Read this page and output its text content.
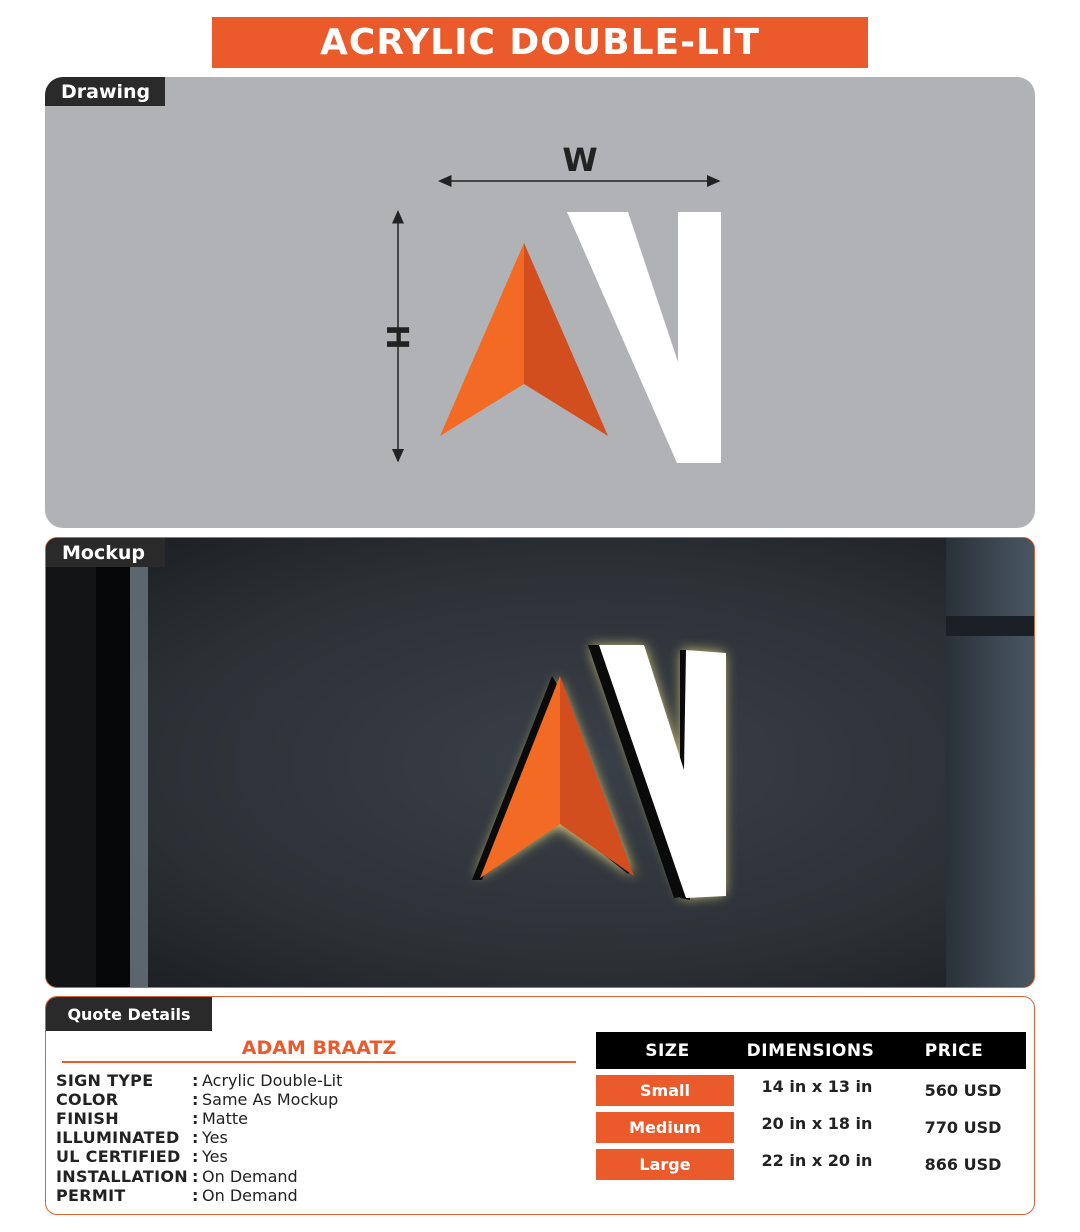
ACRYLIC DOUBLE-LIT
W
H
Drawing
Mockup
Quote Details
ADAM BRAATZ
SIGN TYPE	: Acrylic Double-Lit
COLOR	: Same As Mockup
FINISH	: Matte
ILLUMINATED : Yes
UL CERTIFIED : Yes
INSTALLATION : On Demand
PERMIT	: On Demand
SIZE	DIMENSIONS	PRICE
Small	14 in x 13 in	560 USD
Medium	20 in x 18 in	770 USD
Large	22 in x 20 in	866 USD
